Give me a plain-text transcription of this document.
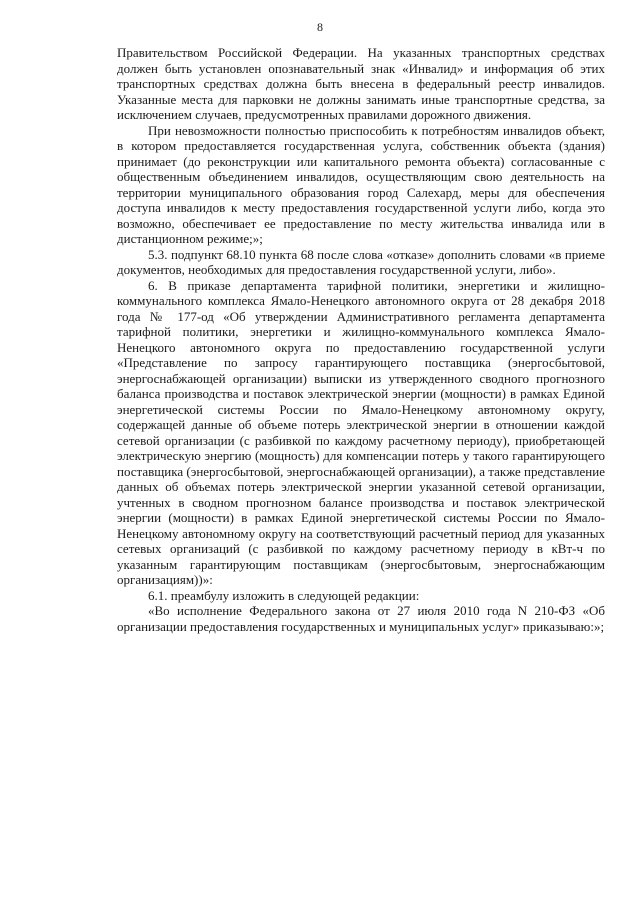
8

Правительством Российской Федерации. На указанных транспортных средствах должен быть установлен опознавательный знак «Инвалид» и информация об этих транспортных средствах должна быть внесена в федеральный реестр инвалидов. Указанные места для парковки не должны занимать иные транспортные средства, за исключением случаев, предусмотренных правилами дорожного движения.

При невозможности полностью приспособить к потребностям инвалидов объект, в котором предоставляется государственная услуга, собственник объекта (здания) принимает (до реконструкции или капитального ремонта объекта) согласованные с общественным объединением инвалидов, осуществляющим свою деятельность на территории муниципального образования город Салехард, меры для обеспечения доступа инвалидов к месту предоставления государственной услуги либо, когда это возможно, обеспечивает ее предоставление по месту жительства инвалида или в дистанционном режиме;»;

5.3. подпункт 68.10 пункта 68 после слова «отказе» дополнить словами «в приеме документов, необходимых для предоставления государственной услуги, либо».

6. В приказе департамента тарифной политики, энергетики и жилищно-коммунального комплекса Ямало-Ненецкого автономного округа от 28 декабря 2018 года № 177-од «Об утверждении Административного регламента департамента тарифной политики, энергетики и жилищно-коммунального комплекса Ямало-Ненецкого автономного округа по предоставлению государственной услуги «Представление по запросу гарантирующего поставщика (энергосбытовой, энергоснабжающей организации) выписки из утвержденного сводного прогнозного баланса производства и поставок электрической энергии (мощности) в рамках Единой энергетической системы России по Ямало-Ненецкому автономному округу, содержащей данные об объеме потерь электрической энергии в отношении каждой сетевой организации (с разбивкой по каждому расчетному периоду), приобретающей электрическую энергию (мощность) для компенсации потерь у такого гарантирующего поставщика (энергосбытовой, энергоснабжающей организации), а также представление данных об объемах потерь электрической энергии указанной сетевой организации, учтенных в сводном прогнозном балансе производства и поставок электрической энергии (мощности) в рамках Единой энергетической системы России по Ямало-Ненецкому автономному округу на соответствующий расчетный период для указанных сетевых организаций (с разбивкой по каждому расчетному периоду в кВт-ч по указанным гарантирующим поставщикам (энергосбытовым, энергоснабжающим организациям))»:

6.1. преамбулу изложить в следующей редакции:

«Во исполнение Федерального закона от 27 июля 2010 года N 210-ФЗ «Об организации предоставления государственных и муниципальных услуг» приказываю:»;
